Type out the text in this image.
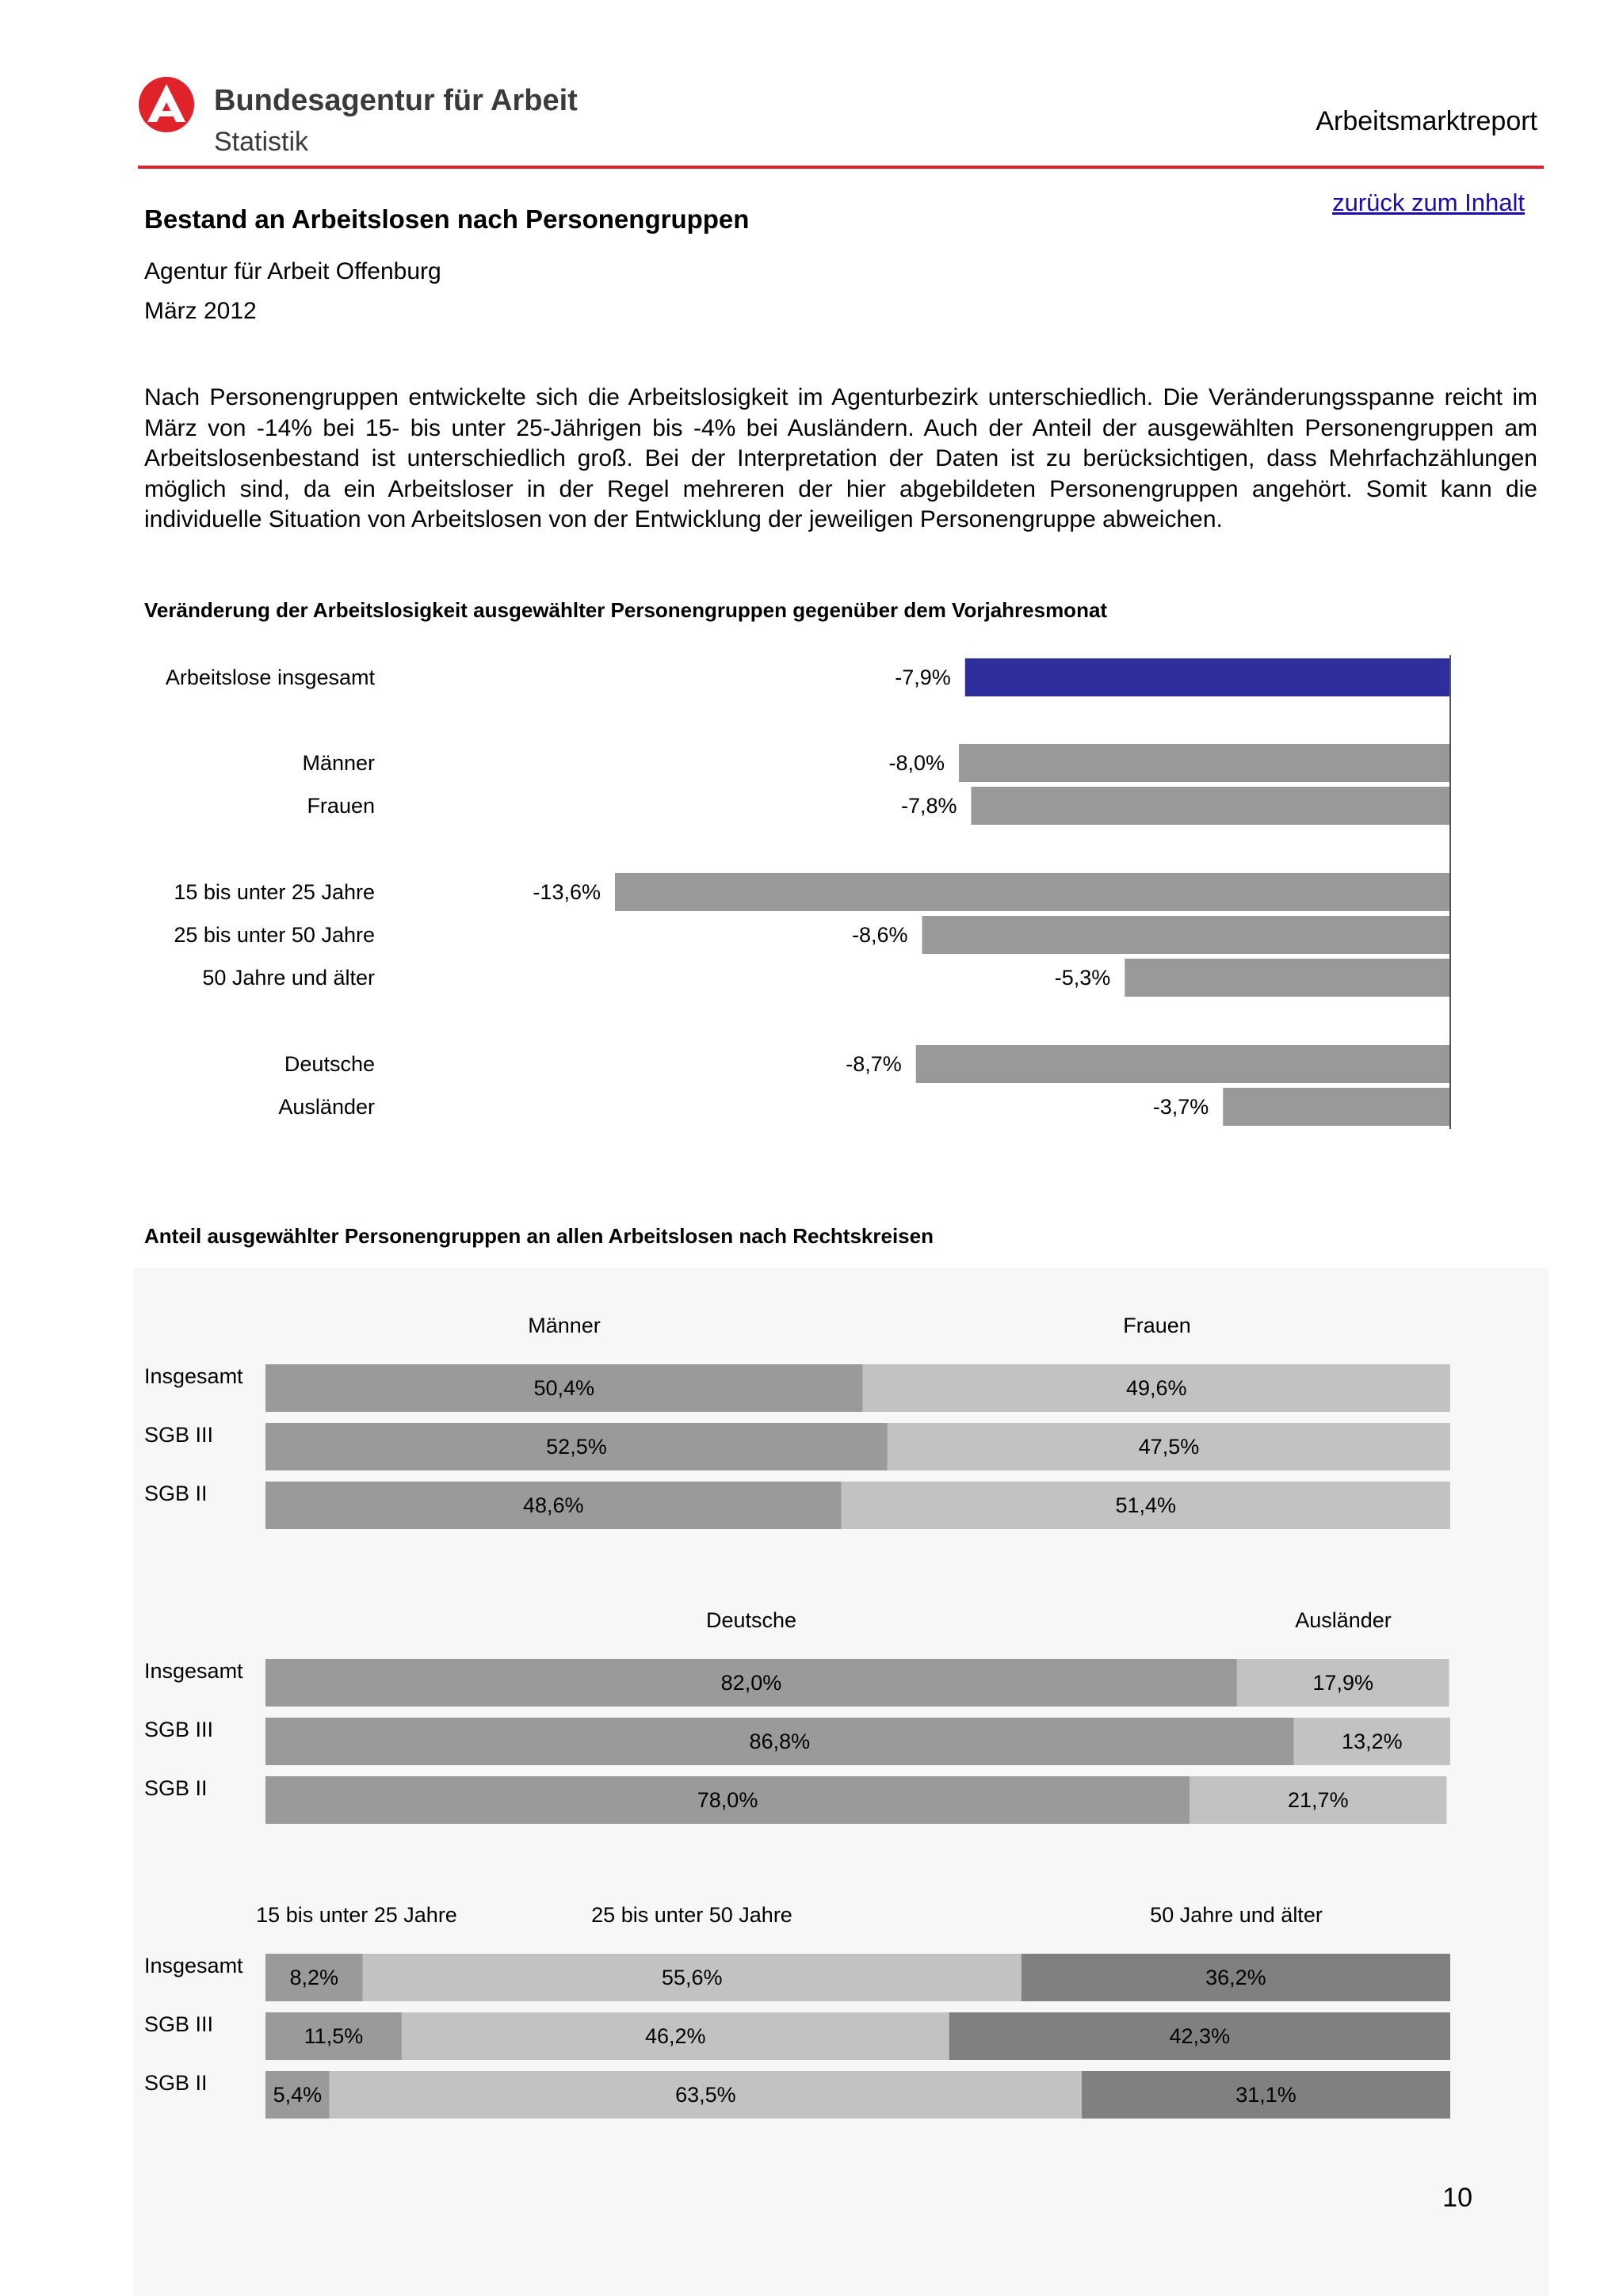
Bundesagentur für Arbeit
Statistik
Arbeitsmarktreport
zurück zum Inhalt
Bestand an Arbeitslosen nach Personengruppen
Agentur für Arbeit Offenburg
März 2012
Nach Personengruppen entwickelte sich die Arbeitslosigkeit im Agenturbezirk unterschiedlich. Die Veränderungsspanne reicht im März von -14% bei 15- bis unter 25-Jährigen bis -4% bei Ausländern. Auch der Anteil der ausgewählten Personengruppen am Arbeitslosenbestand ist unterschiedlich groß. Bei der Interpretation der Daten ist zu berücksichtigen, dass Mehrfachzählungen möglich sind, da ein Arbeitsloser in der Regel mehreren der hier abgebildeten Personengruppen angehört. Somit kann die individuelle Situation von Arbeitslosen von der Entwicklung der jeweiligen Personengruppe abweichen.
Veränderung der Arbeitslosigkeit ausgewählter Personengruppen gegenüber dem Vorjahresmonat
-7,9%
Arbeitslose insgesamt
-8,0%
Männer
-7,8%
Frauen
-13,6%
15 bis unter 25 Jahre
-8,6%
25 bis unter 50 Jahre
-5,3%
50 Jahre und älter
-8,7%
Deutsche
-3,7%
Ausländer
Anteil ausgewählter Personengruppen an allen Arbeitslosen nach Rechtskreisen
Männer	Frauen
Insgesamt	50,4%	49,6%
SGB III	52,5%	47,5%
SGB II	48,6%	51,4%
Deutsche	Ausländer
Insgesamt	82,0%	17,9%
SGB III	86,8%	13,2%
SGB II	78,0%	21,7%
15 bis unter 25 Jahre	25 bis unter 50 Jahre	50 Jahre und älter
Insgesamt 8,2%	55,6%	36,2%
SGB III	11,5%	46,2%	42,3%
SGB II	5,4%	63,5%	31,1%
10
